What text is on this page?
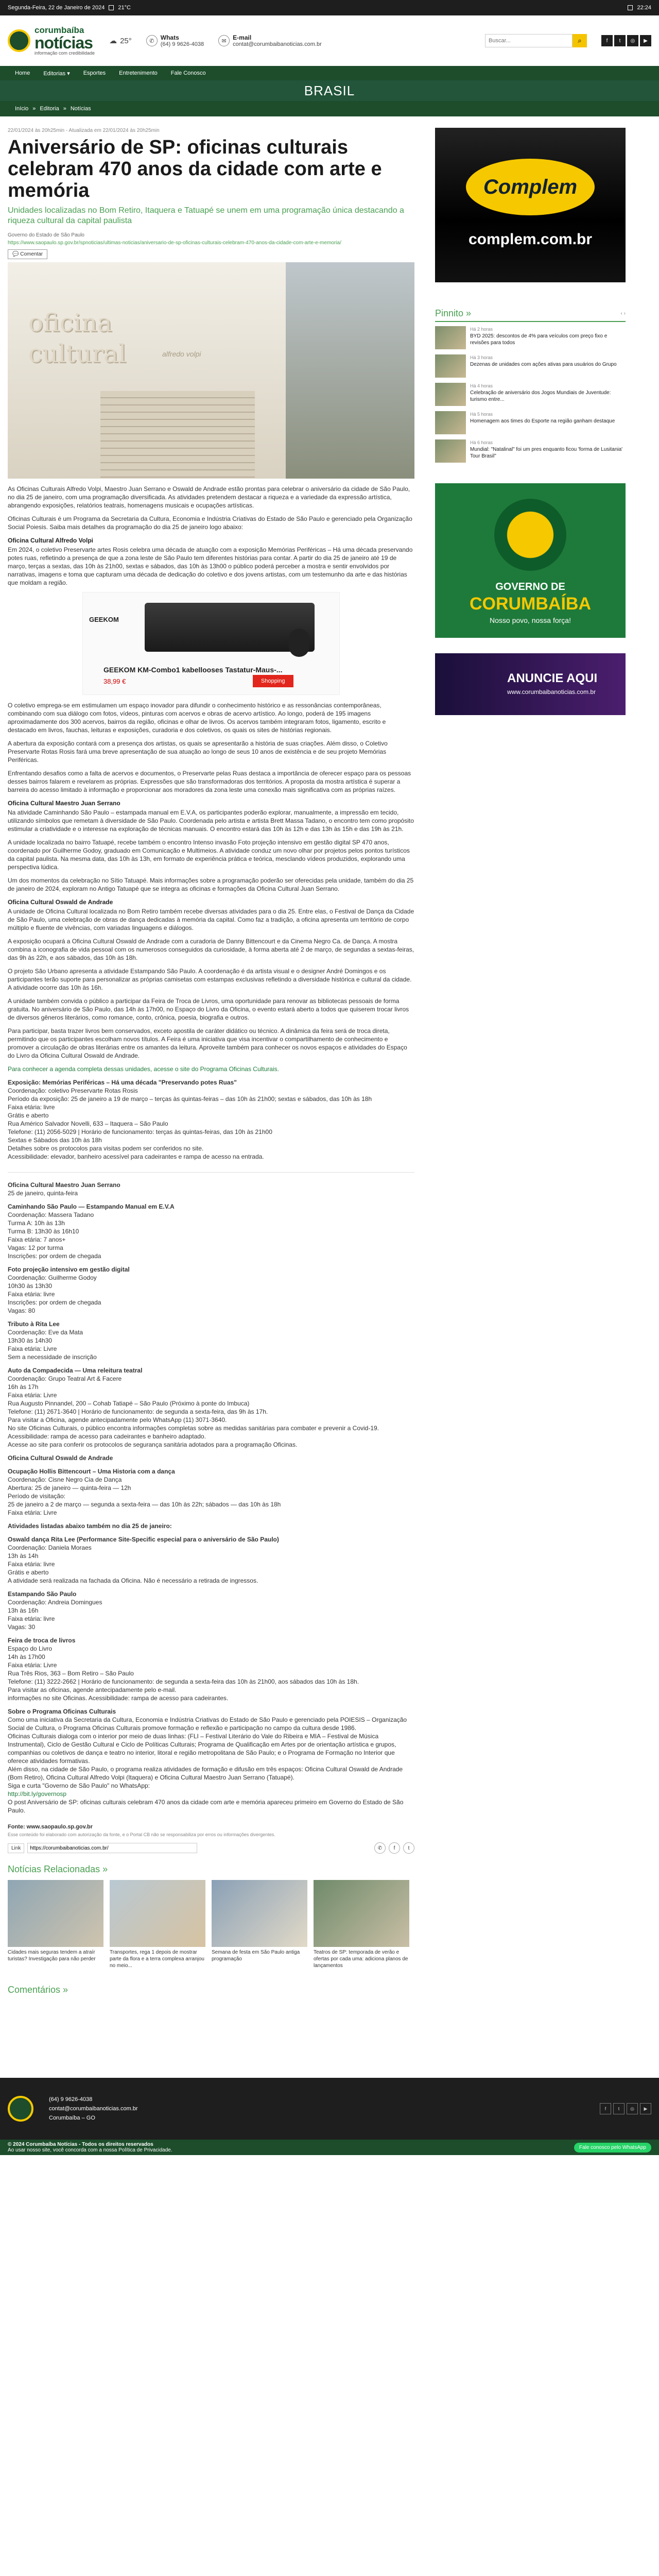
Segunda-Feira, 22 de Janeiro de 2024 21°C	22:24
corumbaíba
notícias
informação com credibilidade
☁ 25°	✆	Whats
(64) 9 9626-4038
✉	E-mail
contat@corumbaibanoticias.com.br
Buscar...	⌕	f	t	◎	▶
Home Editorias ▾ Esportes Entretenimento Fale Conosco
BRASIL
Início » Editoria » Notícias
22/01/2024 às 20h25min - Atualizada em 22/01/2024 às 20h25min
Aniversário de SP: oficinas culturais celebram 470 anos da cidade com arte e memória
Unidades localizadas no Bom Retiro, Itaquera e Tatuapé se unem em uma programação única destacando a riqueza cultural da capital paulista
Governo do Estado de São Paulo
https://www.saopaulo.sp.gov.br/spnoticias/ultimas-noticias/aniversario-de-sp-oficinas-culturais-celebram-470-anos-da-cidade-com-arte-e-memoria/
💬 Comentar
oficina
cultural	alfredo volpi

As Oficinas Culturais Alfredo Volpi, Maestro Juan Serrano e Oswald de Andrade estão prontas para celebrar o aniversário da cidade de São Paulo, no dia 25 de janeiro, com uma programação diversificada. As atividades pretendem destacar a riqueza e a variedade da expressão artística, abrangendo exposições, relatórios teatrais, homenagens musicais e ocupações artísticas.

Oficinas Culturais é um Programa da Secretaria da Cultura, Economia e Indústria Criativas do Estado de São Paulo e gerenciado pela Organização Social Poiesis. Saiba mais detalhes da programação do dia 25 de janeiro logo abaixo:

Oficina Cultural Alfredo Volpi

Em 2024, o coletivo Preservarte artes Rosis celebra uma década de atuação com a exposição Memórias Periféricas – Há uma década preservando potes ruas, refletindo a presença de que a zona leste de São Paulo tem diferentes histórias para contar. A partir do dia 25 de janeiro até 19 de março, terças a sextas, das 10h às 21h00, sextas e sábados, das 10h às 13h00 o público poderá perceber a mostra e sentir envolvidos por narrativas, imagens e toma que capturam uma década de dedicação do coletivo e dos jovens artistas, com um testemunho da arte e das histórias que moldam a região.

GEEKOM
GEEKOM KM-Combo1 kabellooses Tastatur-Maus-...
38,99 €	Shopping

O coletivo emprega-se em estimulamen um espaço inovador para difundir o conhecimento histórico e as ressonâncias contemporâneas, combinando com sua diálogo com fotos, vídeos, pinturas com acervos e obras de acervo artístico. Ao longo, poderá de 195 imagens aproximadamente dos 300 acervos, bairros da região, oficinas e olhar de livros. Os acervos também integraram fotos, ligamento, escrito e destacado em livros, fauchas, leituras e exposições, curadoria e dos coletivos, os quais os sites de histórias regionais.

A abertura da exposição contará com a presença dos artistas, os quais se apresentarão a história de suas criações. Além disso, o Coletivo Preservarte Rotas Rosis fará uma breve apresentação de sua atuação ao longo de seus 10 anos de existência e de seu projeto Memórias Periféricas.

Enfrentando desafios como a falta de acervos e documentos, o Preservarte pelas Ruas destaca a importância de oferecer espaço para os pessoas desses bairros falarem e revelarem as próprias. Expressões que são transformadoras dos territórios. A proposta da mostra artística é superar a barreira do acesso limitado à informação e proporcionar aos moradores da zona leste uma conexão mais significativa com as próprias raízes.

Oficina Cultural Maestro Juan Serrano

Na atividade Caminhando São Paulo – estampada manual em E.V.A, os participantes poderão explorar, manualmente, a impressão em tecido, utilizando símbolos que remetam à diversidade de São Paulo. Coordenada pelo artista e artista Brett Massa Tadano, o encontro tem como propósito estimular a criatividade e o interesse na exploração de técnicas manuais. O encontro estará das 10h às 12h e das 13h às 15h e das 19h às 21h.

A unidade localizada no bairro Tatuapé, recebe também o encontro Intenso invasão Foto projeção intensivo em gestão digital SP 470 anos, coordenado por Guilherme Godoy, graduado em Comunicação e Multimeios. A atividade conduz um novo olhar por projetos pelos pontos turísticos da capital paulista. Na mesma data, das 10h às 13h, em formato de experiência prática e teórica, mesclando vídeos produzidos, explorando uma perspectiva lúdica.

Um dos momentos da celebração no Sítio Tatuapé. Mais informações sobre a programação poderão ser oferecidas pela unidade, também do dia 25 de janeiro de 2024, exploram no Antigo Tatuapé que se integra as oficinas e formações da Oficina Cultural Juan Serrano.

Oficina Cultural Oswald de Andrade

A unidade de Oficina Cultural localizada no Bom Retiro também recebe diversas atividades para o dia 25. Entre elas, o Festival de Dança da Cidade de São Paulo, uma celebração de obras de dança dedicadas à memória da capital. Como faz a tradição, a oficina apresenta um território de corpo múltiplo e fluente de vivências, com variadas linguagens e diálogos.

A exposição ocupará a Oficina Cultural Oswald de Andrade com a curadoria de Danny Bittencourt e da Cinema Negro Ca. de Dança. A mostra combina a iconografia de vida pessoal com os numerosos conseguidos da curiosidade, à forma aberta até 2 de março, de segundas a sextas-feiras, das 9h às 22h, e aos sábados, das 10h às 18h.

O projeto São Urbano apresenta a atividade Estampando São Paulo. A coordenação é da artista visual e o designer André Domingos e os participantes terão suporte para personalizar as próprias camisetas com estampas exclusivas refletindo a diversidade histórica e cultural da cidade. A atividade ocorre das 10h às 16h.

A unidade também convida o público a participar da Feira de Troca de Livros, uma oportunidade para renovar as bibliotecas pessoais de forma gratuita. No aniversário de São Paulo, das 14h às 17h00, no Espaço do Livro da Oficina, o evento estará aberto a todos que quiserem trocar livros de diversos gêneros literários, como romance, conto, crônica, poesia, biografia e outros.

Para participar, basta trazer livros bem conservados, exceto apostila de caráter didático ou técnico. A dinâmica da feira será de troca direta, permitindo que os participantes escolham novos títulos. A Feira é uma iniciativa que visa incentivar o compartilhamento de conhecimento e promover a circulação de obras literárias entre os amantes da leitura. Aproveite também para conhecer os novos espaços e atividades do Espaço do Livro da Oficina Cultural Oswald de Andrade.

Para conhecer a agenda completa dessas unidades, acesse o site do Programa Oficinas Culturais.

Exposição: Memórias Periféricas – Há uma década "Preservando potes Ruas"
Coordenação: coletivo Preservarte Rotas Rosis
Período da exposição: 25 de janeiro a 19 de março – terças às quintas-feiras – das 10h às 21h00; sextas e sábados, das 10h às 18h
Faixa etária: livre
Grátis e aberto
Rua Américo Salvador Novelli, 633 – Itaquera – São Paulo
Telefone: (11) 2056-5029 | Horário de funcionamento: terças às quintas-feiras, das 10h às 21h00
Sextas e Sábados das 10h às 18h
Detalhes sobre os protocolos para visitas podem ser conferidos no site.
Acessibilidade: elevador, banheiro acessível para cadeirantes e rampa de acesso na entrada.
Oficina Cultural Maestro Juan Serrano
25 de janeiro, quinta-feira
Caminhando São Paulo — Estampando Manual em E.V.A
Coordenação: Massera Tadano
Turma A: 10h às 13h
Turma B: 13h30 às 16h10
Faixa etária: 7 anos+
Vagas: 12 por turma
Inscrições: por ordem de chegada
Foto projeção intensivo em gestão digital
Coordenação: Guilherme Godoy
10h30 às 13h30
Faixa etária: livre
Inscrições: por ordem de chegada
Vagas: 80
Tributo à Rita Lee
Coordenação: Eve da Mata
13h30 às 14h30
Faixa etária: Livre
Sem a necessidade de inscrição
Auto da Compadecida — Uma releitura teatral
Coordenação: Grupo Teatral Art & Facere
16h às 17h
Faixa etária: Livre
Rua Augusto Pinnandel, 200 – Cohab Tatiapé – São Paulo (Próximo à ponte do Imbuca)
Telefone: (11) 2671-3640 | Horário de funcionamento: de segunda a sexta-feira, das 9h às 17h.
Para visitar a Oficina, agende antecipadamente pelo WhatsApp (11) 3071-3640.
No site Oficinas Culturais, o público encontra informações completas sobre as medidas sanitárias para combater e prevenir a Covid-19.
Acessibilidade: rampa de acesso para cadeirantes e banheiro adaptado.
Acesse ao site para conferir os protocolos de segurança sanitária adotados para a programação Oficinas.
Oficina Cultural Oswald de Andrade
Ocupação Hollis Bittencourt – Uma Historia com a dança
Coordenação: Cisne Negro Cia de Dança
Abertura: 25 de janeiro — quinta-feira — 12h
Período de visitação:
25 de janeiro a 2 de março — segunda a sexta-feira — das 10h às 22h; sábados — das 10h às 18h
Faixa etária: Livre
Atividades listadas abaixo também no dia 25 de janeiro:
Oswald dança Rita Lee (Performance Site-Specific especial para o aniversário de São Paulo)
Coordenação: Daniela Moraes
13h às 14h
Faixa etária: livre
Grátis e aberto
A atividade será realizada na fachada da Oficina. Não é necessário a retirada de ingressos.
Estampando São Paulo
Coordenação: Andreia Domingues
13h às 16h
Faixa etária: livre
Vagas: 30
Feira de troca de livros
Espaço do Livro
14h às 17h00
Faixa etária: Livre
Rua Três Rios, 363 – Bom Retiro – São Paulo
Telefone: (11) 3222-2662 | Horário de funcionamento: de segunda a sexta-feira das 10h às 21h00, aos sábados das 10h às 18h.
Para visitar as oficinas, agende antecipadamente pelo e-mail.
informações no site Oficinas. Acessibilidade: rampa de acesso para cadeirantes.
Sobre o Programa Oficinas Culturais
Como uma iniciativa da Secretaria da Cultura, Economia e Indústria Criativas do Estado de São Paulo e gerenciado pela POIESIS – Organização Social de Cultura, o Programa Oficinas Culturais promove formação e reflexão e participação no campo da cultura desde 1986.
Oficinas Culturais dialoga com o interior por meio de duas linhas: (FLI – Festival Literário do Vale do Ribeira e MIA – Festival de Música Instrumental), Ciclo de Gestão Cultural e Ciclo de Políticas Culturais; Programa de Qualificação em Artes por de orientação artística e grupos, companhias ou coletivos de dança e teatro no interior, litoral e região metropolitana de São Paulo; e o Programa de Formação no Interior que oferece atividades formativas.
Além disso, na cidade de São Paulo, o programa realiza atividades de formação e difusão em três espaços: Oficina Cultural Oswald de Andrade (Bom Retiro), Oficina Cultural Alfredo Volpi (Itaquera) e Oficina Cultural Maestro Juan Serrano (Tatuapé).
Siga e curta "Governo de São Paulo" no WhatsApp:
http://bit.ly/governosp
O post Aniversário de SP: oficinas culturais celebram 470 anos da cidade com arte e memória apareceu primeiro em Governo do Estado de São Paulo.
Fonte: www.saopaulo.sp.gov.br
Esse conteúdo foi elaborado com autorização da fonte, e o Portal CB não se responsabiliza por erros ou informações divergentes.
Link
https://corumbaibanoticias.com.br/	✆	f	t
Notícias Relacionadas »
Cidades mais seguras tendem a atraír turistas? Investigação para não perder
Transportes, rega 1 depois de mostrar parte da flora e a terra complexa arranjou no meio...
Semana de festa em São Paulo antiga programação
Teatros de SP: temporada de verão e ofertas por cada uma: adiciona planos de lançamentos
Comentários »
Complem
complem.com.br
Pinnito »	‹ ›
Há 2 horas
BYD 2025: descontos de 4% para veículos com preço fixo e revisões para todos
Há 3 horas
Dezenas de unidades com ações ativas para usuários do Grupo
Há 4 horas
Celebração de aniversário dos Jogos Mundiais de Juventude: turismo entre...
Há 5 horas
Homenagem aos times do Esporte na região ganham destaque
Há 6 horas
Mundial: "Natalinal" foi um pres enquanto ficou 'forma de Lusitania' Tour Brasil"
GOVERNO DE
CORUMBAÍBA
Nosso povo, nossa força!
ANUNCIE AQUI
www.corumbaibanoticias.com.br
(64) 9 9626-4038
contat@corumbaibanoticias.com.br
Corumbaíba – GO
f	t	◎	▶
© 2024 Corumbaíba Notícias - Todos os direitos reservados
Ao usar nosso site, você concorda com a nossa Política de Privacidade.	Fale conosco pelo WhatsApp
